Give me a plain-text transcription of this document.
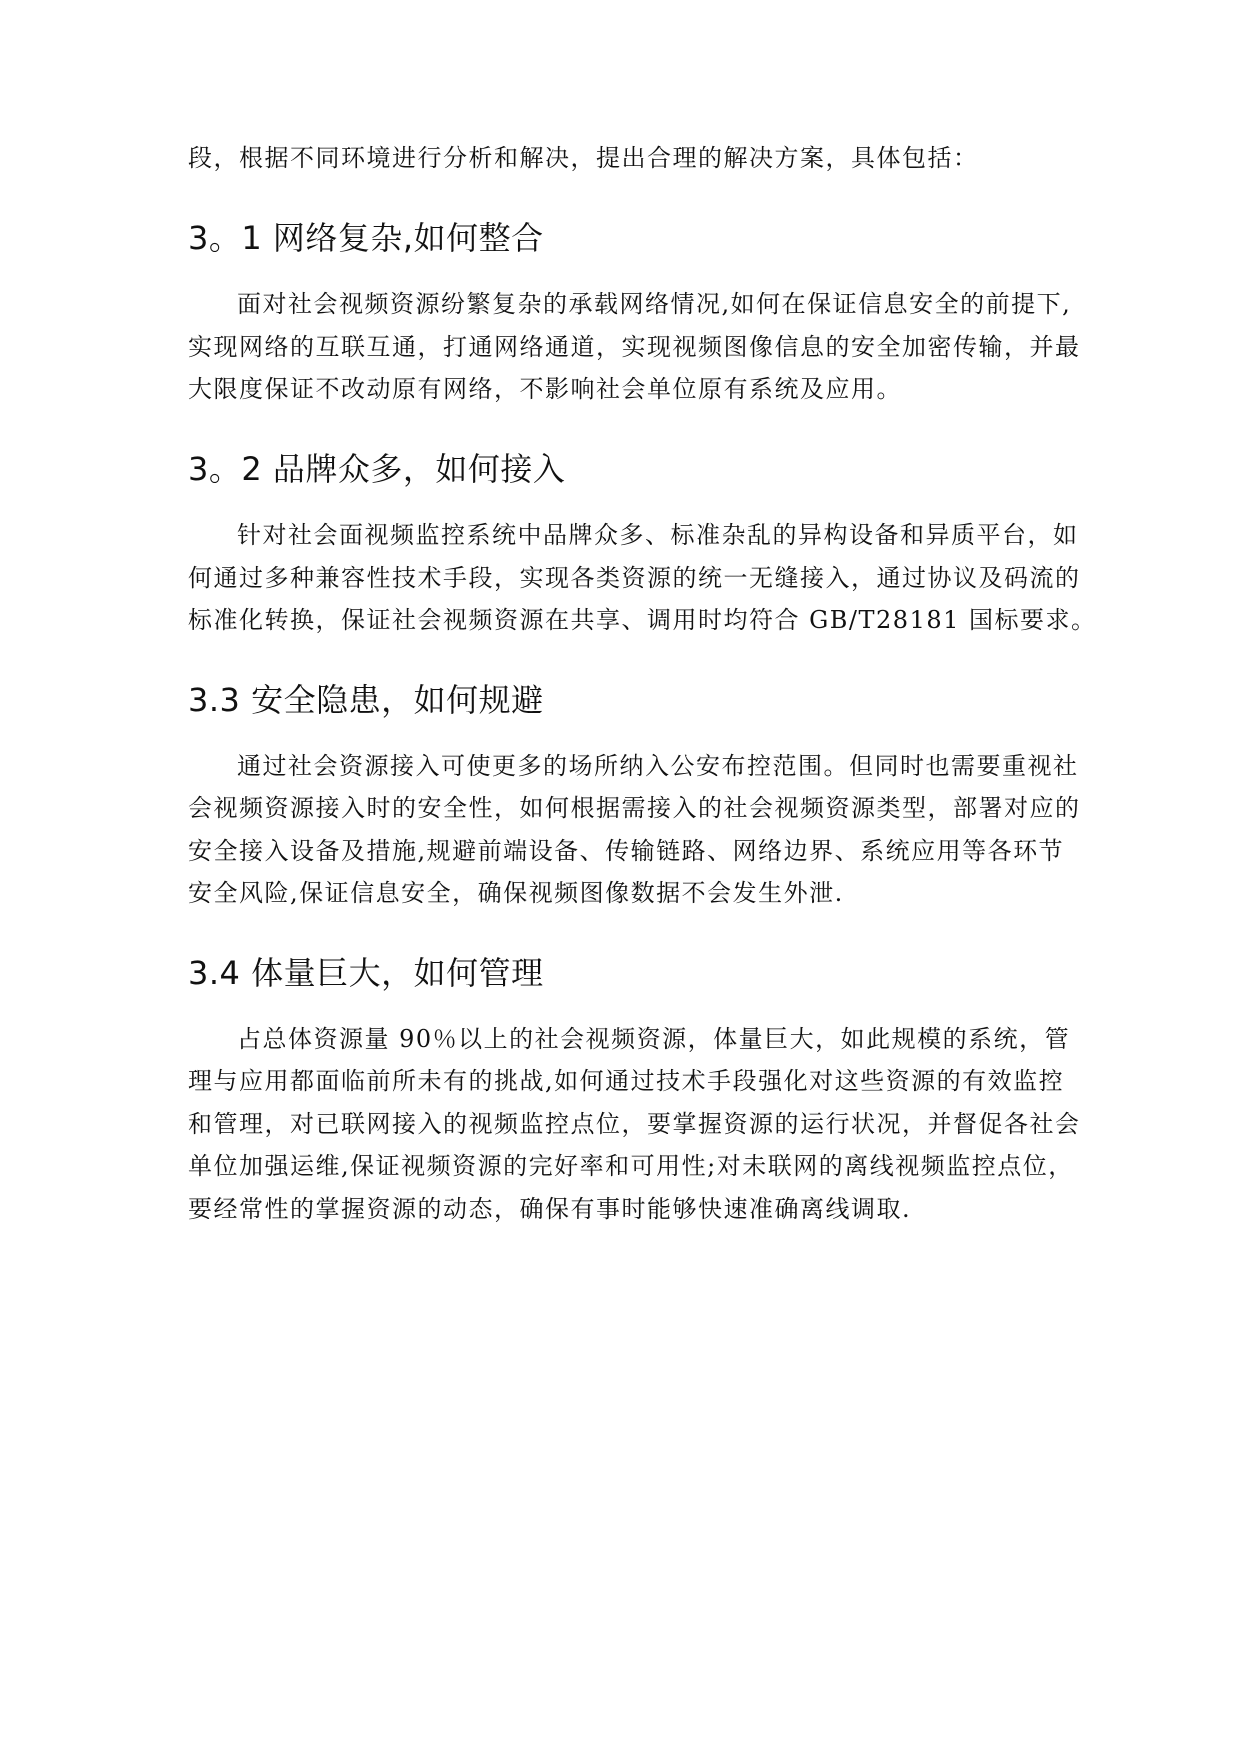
段，根据不同环境进行分析和解决，提出合理的解决方案，具体包括：

3。1 网络复杂,如何整合

面对社会视频资源纷繁复杂的承载网络情况,如何在保证信息安全的前提下,

实现网络的互联互通，打通网络通道，实现视频图像信息的安全加密传输，并最

大限度保证不改动原有网络，不影响社会单位原有系统及应用。

3。2 品牌众多，如何接入

针对社会面视频监控系统中品牌众多、标准杂乱的异构设备和异质平台，如

何通过多种兼容性技术手段，实现各类资源的统一无缝接入，通过协议及码流的

标准化转换，保证社会视频资源在共享、调用时均符合 GB/T28181 国标要求。

3.3 安全隐患，如何规避

通过社会资源接入可使更多的场所纳入公安布控范围。但同时也需要重视社

会视频资源接入时的安全性，如何根据需接入的社会视频资源类型，部署对应的

安全接入设备及措施,规避前端设备、传输链路、网络边界、系统应用等各环节

安全风险,保证信息安全，确保视频图像数据不会发生外泄.

3.4 体量巨大，如何管理

占总体资源量 90％以上的社会视频资源，体量巨大，如此规模的系统，管

理与应用都面临前所未有的挑战,如何通过技术手段强化对这些资源的有效监控

和管理，对已联网接入的视频监控点位，要掌握资源的运行状况，并督促各社会

单位加强运维,保证视频资源的完好率和可用性;对未联网的离线视频监控点位，

要经常性的掌握资源的动态，确保有事时能够快速准确离线调取.
